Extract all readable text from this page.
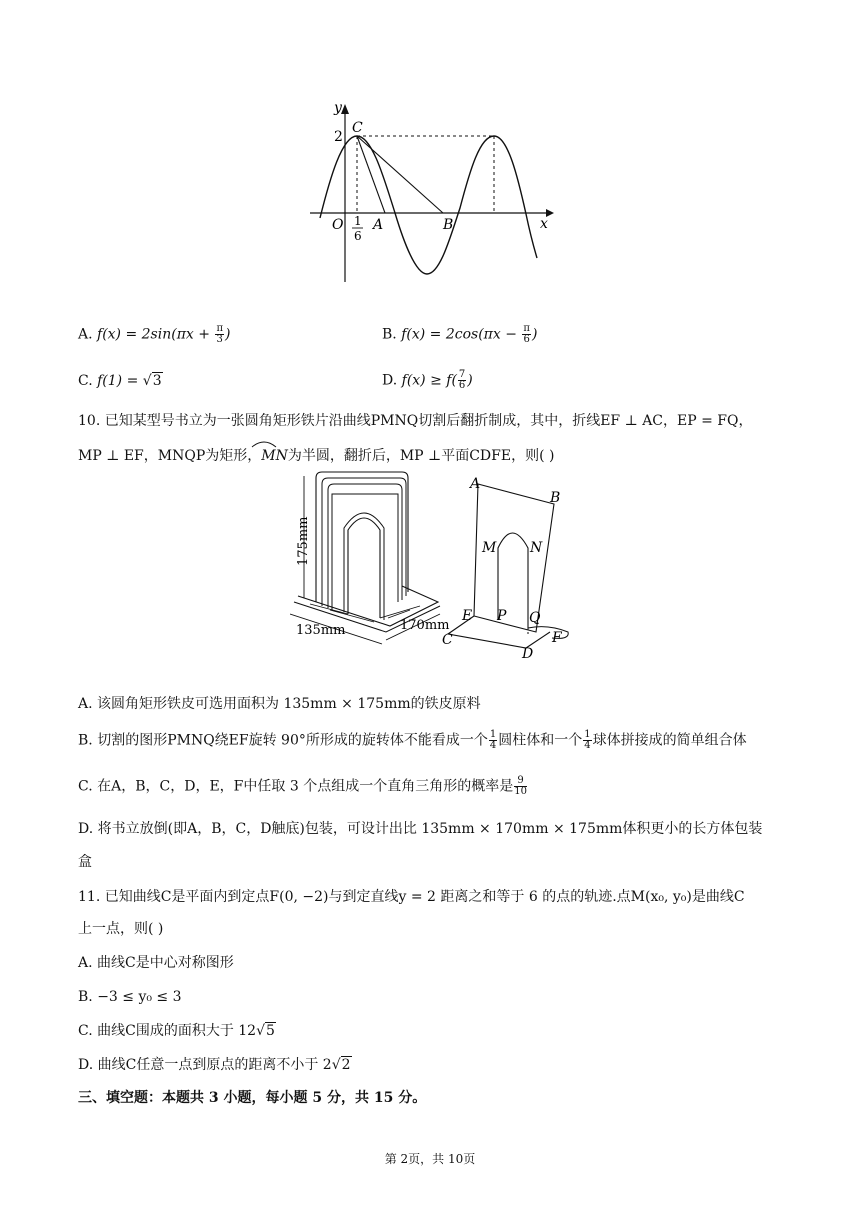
y
x
C
2
O 1
6
A	B
A. $f(x) = 2\sin(\pi x + \frac{\pi}{3}$ )	B. $f(x) = 2\cos(\pi x - \frac{\pi}{6}$ )
C. f(1) = √3	D. $f(x) \ge f( \frac{7}{6}$ )
10. 已知某型号书立为一张圆角矩形铁片沿曲线PMNQ切割后翻折制成，其中，折线EF ⊥ AC，EP = FQ，
MP ⊥ EF，MNQP为矩形，MN为半圆，翻折后，MP ⊥平面CDFE，则( )
175mm
135mm	170mm
A
B
M N
E P Q
C	F
D
A. 该圆角矩形铁皮可选用面积为 135mm × 175mm的铁皮原料
B. 切割的图形PMNQ绕EF旋转 90°所形成的旋转体不能看成一个 $\frac{1}{4}$ 圆柱体和一个 $\frac{1}{4}$ 球体拼接成的简单组合体
C. 在A，B，C，D，E，F中任取 3 个点组成一个直角三角形的概率是 $\frac{9}{10}$
D. 将书立放倒(即A，B，C，D触底)包装，可设计出比 135mm × 170mm × 175mm体积更小的长方体包装
盒
11. 已知曲线C是平面内到定点F(0, −2)与到定直线y = 2 距离之和等于 6 的点的轨迹.点M(x₀, y₀)是曲线C
上一点，则( )
A. 曲线C是中心对称图形
B. −3 ≤ y₀ ≤ 3
C. 曲线C围成的面积大于 12√5
D. 曲线C任意一点到原点的距离不小于 2√2
三、填空题：本题共 3 小题，每小题 5 分，共 15 分。
第 2页，共 10页
